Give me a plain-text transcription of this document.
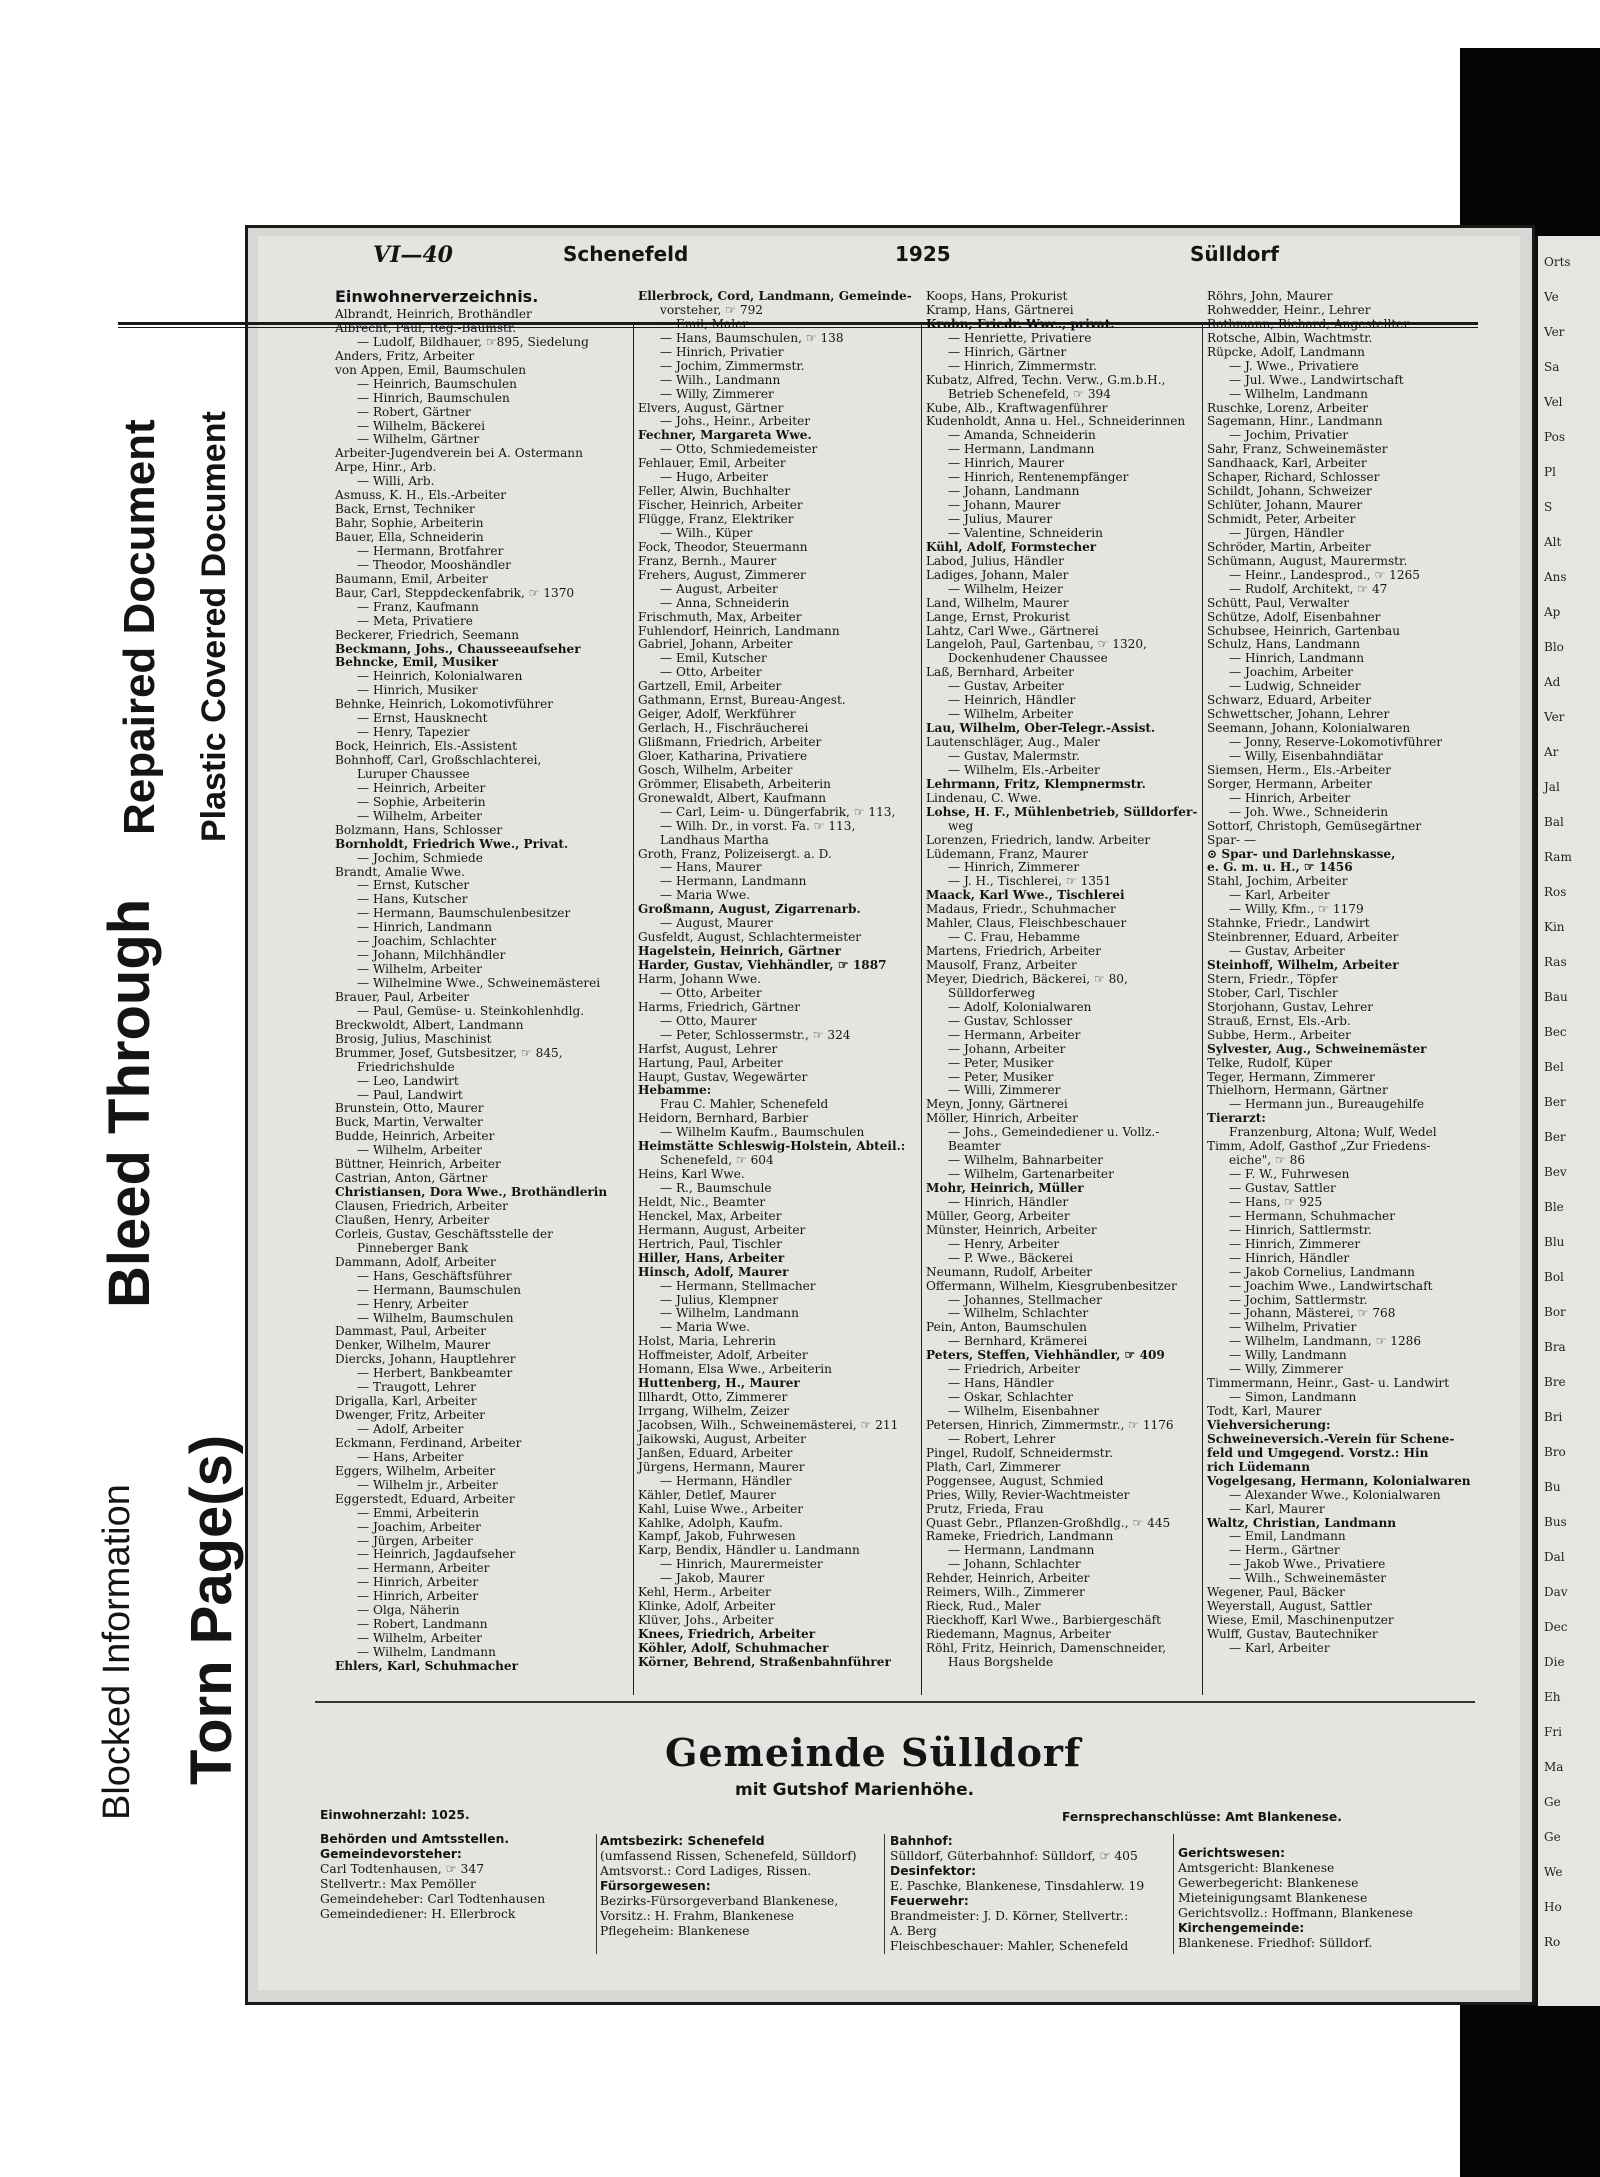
Orts
Ve
Ver
Sa
Vel
Pos
Pl
S
Alt
Ans
Ap
Blo
Ad
Ver
Ar
Jal
Bal
Ram
Ros
Kin
Ras
Bau
Bec
Bel
Ber
Ber
Bev
Ble
Blu
Bol
Bor
Bra
Bre
Bri
Bro
Bu
Bus
Dal
Dav
Dec
Die
Eh
Fri
Ma
Ge
Ge
We
Ho
Ro
Blocked Information
Bleed Through
Torn Page(s)
Repaired Document Plastic Covered Document
VI—40	Schenefeld	1925	Sülldorf
Einwohnerverzeichnis.
Albrandt, Heinrich, Brothändler
Albrecht, Paul, Reg.-Baumstr.
— Ludolf, Bildhauer, ☞895, Siedelung
Anders, Fritz, Arbeiter
von Appen, Emil, Baumschulen
— Heinrich, Baumschulen
— Hinrich, Baumschulen
— Robert, Gärtner
— Wilhelm, Bäckerei
— Wilhelm, Gärtner
Arbeiter-Jugendverein bei A. Ostermann
Arpe, Hinr., Arb.
— Willi, Arb.
Asmuss, K. H., Els.-Arbeiter
Back, Ernst, Techniker
Bahr, Sophie, Arbeiterin
Bauer, Ella, Schneiderin
— Hermann, Brotfahrer
— Theodor, Mooshändler
Baumann, Emil, Arbeiter
Baur, Carl, Steppdeckenfabrik, ☞ 1370
— Franz, Kaufmann
— Meta, Privatiere
Beckerer, Friedrich, Seemann
Beckmann, Johs., Chausseeaufseher
Behncke, Emil, Musiker
— Heinrich, Kolonialwaren
— Hinrich, Musiker
Behnke, Heinrich, Lokomotivführer
— Ernst, Hausknecht
— Henry, Tapezier
Bock, Heinrich, Els.-Assistent
Bohnhoff, Carl, Großschlachterei,
Luruper Chaussee
— Heinrich, Arbeiter
— Sophie, Arbeiterin
— Wilhelm, Arbeiter
Bolzmann, Hans, Schlosser
Bornholdt, Friedrich Wwe., Privat.
— Jochim, Schmiede
Brandt, Amalie Wwe.
— Ernst, Kutscher
— Hans, Kutscher
— Hermann, Baumschulenbesitzer
— Hinrich, Landmann
— Joachim, Schlachter
— Johann, Milchhändler
— Wilhelm, Arbeiter
— Wilhelmine Wwe., Schweinemästerei
Brauer, Paul, Arbeiter
— Paul, Gemüse- u. Steinkohlenhdlg.
Breckwoldt, Albert, Landmann
Brosig, Julius, Maschinist
Brummer, Josef, Gutsbesitzer, ☞ 845,
Friedrichshulde
— Leo, Landwirt
— Paul, Landwirt
Brunstein, Otto, Maurer
Buck, Martin, Verwalter
Budde, Heinrich, Arbeiter
— Wilhelm, Arbeiter
Büttner, Heinrich, Arbeiter
Castrian, Anton, Gärtner
Christiansen, Dora Wwe., Brothändlerin
Clausen, Friedrich, Arbeiter
Claußen, Henry, Arbeiter
Corleis, Gustav, Geschäftsstelle der
Pinneberger Bank
Dammann, Adolf, Arbeiter
— Hans, Geschäftsführer
— Hermann, Baumschulen
— Henry, Arbeiter
— Wilhelm, Baumschulen
Dammast, Paul, Arbeiter
Denker, Wilhelm, Maurer
Diercks, Johann, Hauptlehrer
— Herbert, Bankbeamter
— Traugott, Lehrer
Drigalla, Karl, Arbeiter
Dwenger, Fritz, Arbeiter
— Adolf, Arbeiter
Eckmann, Ferdinand, Arbeiter
— Hans, Arbeiter
Eggers, Wilhelm, Arbeiter
— Wilhelm jr., Arbeiter
Eggerstedt, Eduard, Arbeiter
— Emmi, Arbeiterin
— Joachim, Arbeiter
— Jürgen, Arbeiter
— Heinrich, Jagdaufseher
— Hermann, Arbeiter
— Hinrich, Arbeiter
— Hinrich, Arbeiter
— Olga, Näherin
— Robert, Landmann
— Wilhelm, Arbeiter
— Wilhelm, Landmann
Ehlers, Karl, Schuhmacher
Ellerbrock, Cord, Landmann, Gemeinde-
vorsteher, ☞ 792
— Emil, Maler
— Hans, Baumschulen, ☞ 138
— Hinrich, Privatier
— Jochim, Zimmermstr.
— Wilh., Landmann
— Willy, Zimmerer
Elvers, August, Gärtner
— Johs., Heinr., Arbeiter
Fechner, Margareta Wwe.
— Otto, Schmiedemeister
Fehlauer, Emil, Arbeiter
— Hugo, Arbeiter
Feller, Alwin, Buchhalter
Fischer, Heinrich, Arbeiter
Flügge, Franz, Elektriker
— Wilh., Küper
Fock, Theodor, Steuermann
Franz, Bernh., Maurer
Frehers, August, Zimmerer
— August, Arbeiter
— Anna, Schneiderin
Frischmuth, Max, Arbeiter
Fuhlendorf, Heinrich, Landmann
Gabriel, Johann, Arbeiter
— Emil, Kutscher
— Otto, Arbeiter
Gartzell, Emil, Arbeiter
Gathmann, Ernst, Bureau-Angest.
Geiger, Adolf, Werkführer
Gerlach, H., Fischräucherei
Glißmann, Friedrich, Arbeiter
Gloer, Katharina, Privatiere
Gosch, Wilhelm, Arbeiter
Grömmer, Elisabeth, Arbeiterin
Gronewaldt, Albert, Kaufmann
— Carl, Leim- u. Düngerfabrik, ☞ 113,
— Wilh. Dr., in vorst. Fa. ☞ 113,
Landhaus Martha
Groth, Franz, Polizeisergt. a. D.
— Hans, Maurer
— Hermann, Landmann
— Maria Wwe.
Großmann, August, Zigarrenarb.
— August, Maurer
Gusfeldt, August, Schlachtermeister
Hagelstein, Heinrich, Gärtner
Harder, Gustav, Viehhändler, ☞ 1887
Harm, Johann Wwe.
— Otto, Arbeiter
Harms, Friedrich, Gärtner
— Otto, Maurer
— Peter, Schlossermstr., ☞ 324
Harfst, August, Lehrer
Hartung, Paul, Arbeiter
Haupt, Gustav, Wegewärter
Hebamme:
Frau C. Mahler, Schenefeld
Heidorn, Bernhard, Barbier
— Wilhelm Kaufm., Baumschulen
Heimstätte Schleswig-Holstein, Abteil.:
Schenefeld, ☞ 604
Heins, Karl Wwe.
— R., Baumschule
Heldt, Nic., Beamter
Henckel, Max, Arbeiter
Hermann, August, Arbeiter
Hertrich, Paul, Tischler
Hiller, Hans, Arbeiter
Hinsch, Adolf, Maurer
— Hermann, Stellmacher
— Julius, Klempner
— Wilhelm, Landmann
— Maria Wwe.
Holst, Maria, Lehrerin
Hoffmeister, Adolf, Arbeiter
Homann, Elsa Wwe., Arbeiterin
Huttenberg, H., Maurer
Illhardt, Otto, Zimmerer
Irrgang, Wilhelm, Zeizer
Jacobsen, Wilh., Schweinemästerei, ☞ 211
Jaikowski, August, Arbeiter
Janßen, Eduard, Arbeiter
Jürgens, Hermann, Maurer
— Hermann, Händler
Kähler, Detlef, Maurer
Kahl, Luise Wwe., Arbeiter
Kahlke, Adolph, Kaufm.
Kampf, Jakob, Fuhrwesen
Karp, Bendix, Händler u. Landmann
— Hinrich, Maurermeister
— Jakob, Maurer
Kehl, Herm., Arbeiter
Klinke, Adolf, Arbeiter
Klüver, Johs., Arbeiter
Knees, Friedrich, Arbeiter
Köhler, Adolf, Schuhmacher
Körner, Behrend, Straßenbahnführer
Koops, Hans, Prokurist
Kramp, Hans, Gärtnerei
Krohn, Friedr. Wwe., privat.
— Henriette, Privatiere
— Hinrich, Gärtner
— Hinrich, Zimmermstr.
Kubatz, Alfred, Techn. Verw., G.m.b.H.,
Betrieb Schenefeld, ☞ 394
Kube, Alb., Kraftwagenführer
Kudenholdt, Anna u. Hel., Schneiderinnen
— Amanda, Schneiderin
— Hermann, Landmann
— Hinrich, Maurer
— Hinrich, Rentenempfänger
— Johann, Landmann
— Johann, Maurer
— Julius, Maurer
— Valentine, Schneiderin
Kühl, Adolf, Formstecher
Labod, Julius, Händler
Ladiges, Johann, Maler
— Wilhelm, Heizer
Land, Wilhelm, Maurer
Lange, Ernst, Prokurist
Lahtz, Carl Wwe., Gärtnerei
Langeloh, Paul, Gartenbau, ☞ 1320,
Dockenhudener Chaussee
Laß, Bernhard, Arbeiter
— Gustav, Arbeiter
— Heinrich, Händler
— Wilhelm, Arbeiter
Lau, Wilhelm, Ober-Telegr.-Assist.
Lautenschläger, Aug., Maler
— Gustav, Malermstr.
— Wilhelm, Els.-Arbeiter
Lehrmann, Fritz, Klempnermstr.
Lindenau, C. Wwe.
Lohse, H. F., Mühlenbetrieb, Sülldorfer-
weg
Lorenzen, Friedrich, landw. Arbeiter
Lüdemann, Franz, Maurer
— Hinrich, Zimmerer
— J. H., Tischlerei, ☞ 1351
Maack, Karl Wwe., Tischlerei
Madaus, Friedr., Schuhmacher
Mahler, Claus, Fleischbeschauer
— C. Frau, Hebamme
Martens, Friedrich, Arbeiter
Mausolf, Franz, Arbeiter
Meyer, Diedrich, Bäckerei, ☞ 80,
Sülldorferweg
— Adolf, Kolonialwaren
— Gustav, Schlosser
— Hermann, Arbeiter
— Johann, Arbeiter
— Peter, Musiker
— Peter, Musiker
— Willi, Zimmerer
Meyn, Jonny, Gärtnerei
Möller, Hinrich, Arbeiter
— Johs., Gemeindediener u. Vollz.-
Beamter
— Wilhelm, Bahnarbeiter
— Wilhelm, Gartenarbeiter
Mohr, Heinrich, Müller
— Hinrich, Händler
Müller, Georg, Arbeiter
Münster, Heinrich, Arbeiter
— Henry, Arbeiter
— P. Wwe., Bäckerei
Neumann, Rudolf, Arbeiter
Offermann, Wilhelm, Kiesgrubenbesitzer
— Johannes, Stellmacher
— Wilhelm, Schlachter
Pein, Anton, Baumschulen
— Bernhard, Krämerei
Peters, Steffen, Viehhändler, ☞ 409
— Friedrich, Arbeiter
— Hans, Händler
— Oskar, Schlachter
— Wilhelm, Eisenbahner
Petersen, Hinrich, Zimmermstr., ☞ 1176
— Robert, Lehrer
Pingel, Rudolf, Schneidermstr.
Plath, Carl, Zimmerer
Poggensee, August, Schmied
Pries, Willy, Revier-Wachtmeister
Prutz, Frieda, Frau
Quast Gebr., Pflanzen-Großhdlg., ☞ 445
Rameke, Friedrich, Landmann
— Hermann, Landmann
— Johann, Schlachter
Rehder, Heinrich, Arbeiter
Reimers, Wilh., Zimmerer
Rieck, Rud., Maler
Rieckhoff, Karl Wwe., Barbiergeschäft
Riedemann, Magnus, Arbeiter
Röhl, Fritz, Heinrich, Damenschneider,
Haus Borgshelde
Röhrs, John, Maurer
Rohwedder, Heinr., Lehrer
Rothmann, Richard, Angestellter
Rotsche, Albin, Wachtmstr.
Rüpcke, Adolf, Landmann
— J. Wwe., Privatiere
— Jul. Wwe., Landwirtschaft
— Wilhelm, Landmann
Ruschke, Lorenz, Arbeiter
Sagemann, Hinr., Landmann
— Jochim, Privatier
Sahr, Franz, Schweinemäster
Sandhaack, Karl, Arbeiter
Schaper, Richard, Schlosser
Schildt, Johann, Schweizer
Schlüter, Johann, Maurer
Schmidt, Peter, Arbeiter
— Jürgen, Händler
Schröder, Martin, Arbeiter
Schümann, August, Maurermstr.
— Heinr., Landesprod., ☞ 1265
— Rudolf, Architekt, ☞ 47
Schütt, Paul, Verwalter
Schütze, Adolf, Eisenbahner
Schubsee, Heinrich, Gartenbau
Schulz, Hans, Landmann
— Hinrich, Landmann
— Joachim, Arbeiter
— Ludwig, Schneider
Schwarz, Eduard, Arbeiter
Schwettscher, Johann, Lehrer
Seemann, Johann, Kolonialwaren
— Jonny, Reserve-Lokomotivführer
— Willy, Eisenbahndiätar
Siemsen, Herm., Els.-Arbeiter
Sorger, Hermann, Arbeiter
— Hinrich, Arbeiter
— Joh. Wwe., Schneiderin
Sottorf, Christoph, Gemüsegärtner
Spar- —
⊙ Spar- und Darlehnskasse,
e. G. m. u. H., ☞ 1456
Stahl, Jochim, Arbeiter
— Karl, Arbeiter
— Willy, Kfm., ☞ 1179
Stahnke, Friedr., Landwirt
Steinbrenner, Eduard, Arbeiter
— Gustav, Arbeiter
Steinhoff, Wilhelm, Arbeiter
Stern, Friedr., Töpfer
Stober, Carl, Tischler
Storjohann, Gustav, Lehrer
Strauß, Ernst, Els.-Arb.
Subbe, Herm., Arbeiter
Sylvester, Aug., Schweinemäster
Telke, Rudolf, Küper
Teger, Hermann, Zimmerer
Thielhorn, Hermann, Gärtner
— Hermann jun., Bureaugehilfe
Tierarzt:
Franzenburg, Altona; Wulf, Wedel
Timm, Adolf, Gasthof „Zur Friedens-
eiche", ☞ 86
— F. W., Fuhrwesen
— Gustav, Sattler
— Hans, ☞ 925
— Hermann, Schuhmacher
— Hinrich, Sattlermstr.
— Hinrich, Zimmerer
— Hinrich, Händler
— Jakob Cornelius, Landmann
— Joachim Wwe., Landwirtschaft
— Jochim, Sattlermstr.
— Johann, Mästerei, ☞ 768
— Wilhelm, Privatier
— Wilhelm, Landmann, ☞ 1286
— Willy, Landmann
— Willy, Zimmerer
Timmermann, Heinr., Gast- u. Landwirt
— Simon, Landmann
Todt, Karl, Maurer
Viehversicherung:
Schweineversich.-Verein für Schene-
feld und Umgegend. Vorstz.: Hin
rich Lüdemann
Vogelgesang, Hermann, Kolonialwaren
— Alexander Wwe., Kolonialwaren
— Karl, Maurer
Waltz, Christian, Landmann
— Emil, Landmann
— Herm., Gärtner
— Jakob Wwe., Privatiere
— Wilh., Schweinemäster
Wegener, Paul, Bäcker
Weyerstall, August, Sattler
Wiese, Emil, Maschinenputzer
Wulff, Gustav, Bautechniker
— Karl, Arbeiter
Gemeinde Sülldorf
mit Gutshof Marienhöhe.
Einwohnerzahl: 1025.	Fernsprechanschlüsse: Amt Blankenese.
Behörden und Amtsstellen.
Gemeindevorsteher:
Carl Todtenhausen, ☞ 347
Stellvertr.: Max Pemöller
Gemeindeheber: Carl Todtenhausen
Gemeindediener: H. Ellerbrock
Amtsbezirk: Schenefeld
(umfassend Rissen, Schenefeld, Sülldorf)
Amtsvorst.: Cord Ladiges, Rissen.
Fürsorgewesen:
Bezirks-Fürsorgeverband Blankenese,
Vorsitz.: H. Frahm, Blankenese
Pflegeheim: Blankenese
Bahnhof:
Sülldorf, Güterbahnhof: Sülldorf, ☞ 405
Desinfektor:
E. Paschke, Blankenese, Tinsdahlerw. 19
Feuerwehr:
Brandmeister: J. D. Körner, Stellvertr.:
A. Berg
Fleischbeschauer: Mahler, Schenefeld
Gerichtswesen:
Amtsgericht: Blankenese
Gewerbegericht: Blankenese
Mieteinigungsamt Blankenese
Gerichtsvollz.: Hoffmann, Blankenese
Kirchengemeinde:
Blankenese. Friedhof: Sülldorf.
